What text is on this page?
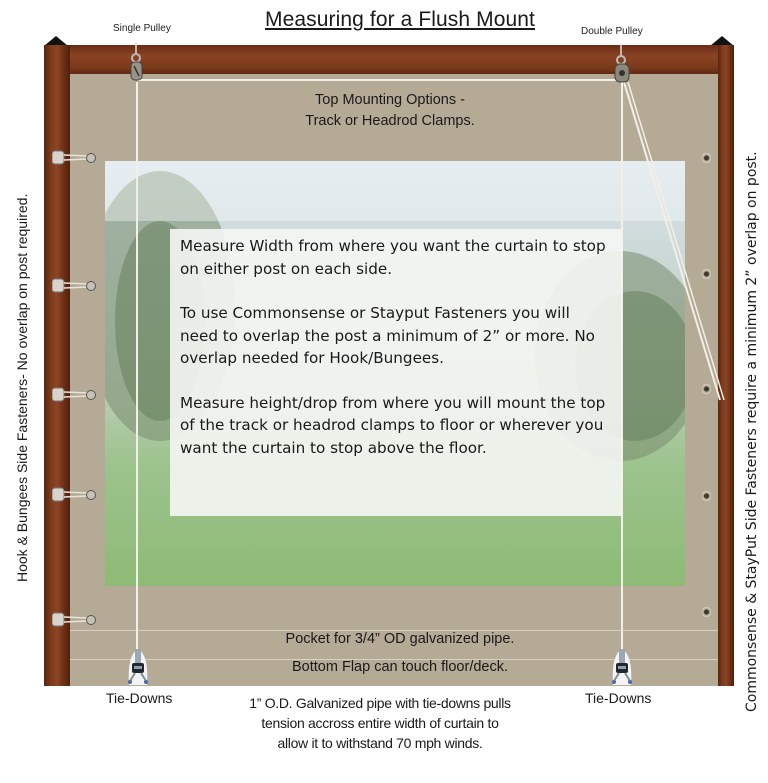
Measuring for a Flush Mount
Single Pulley	Double Pulley
Top Mounting Options -
Track or Headrod Clamps.

Measure Width from where you want the curtain to stop on either post on each side.

To use Commonsense or Stayput Fasteners you will need to overlap the post a minimum of 2” or more. No overlap needed for Hook/Bungees.

Measure height/drop from where you will mount the top of the track or headrod clamps to floor or wherever you want the curtain to stop above the floor.

Pocket for 3/4” OD galvanized pipe.
Bottom Flap can touch floor/deck.
Tie-Downs	Tie-Downs
1” O.D. Galvanized pipe with tie-downs pulls
tension accross entire width of curtain to
allow it to withstand 70 mph winds.
Hook & Bungees Side Fasteners- No overlap on post required.	Commonsense & StayPut Side Fasteners require a minimum 2” overlap on post.
